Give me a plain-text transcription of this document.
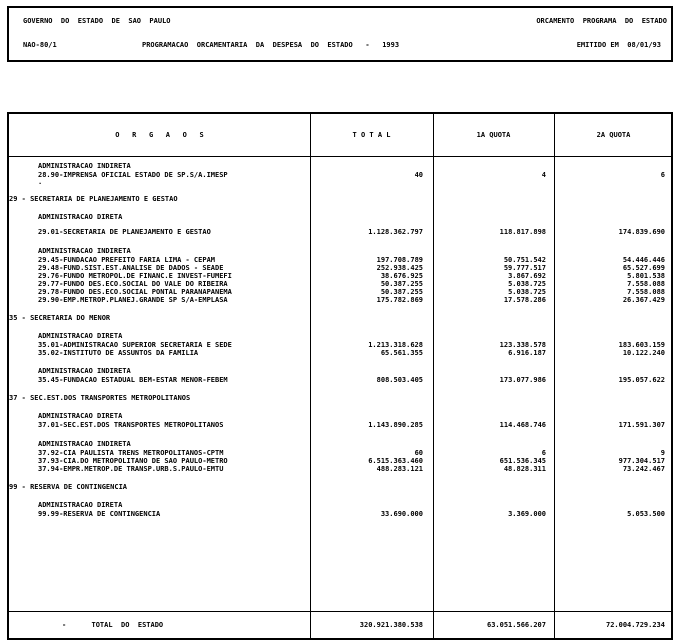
GOVERNO  DO  ESTADO  DE  SAO  PAULO	ORCAMENTO  PROGRAMA  DO  ESTADO
NAO-80/1	PROGRAMACAO  ORCAMENTARIA  DA  DESPESA  DO  ESTADO   -   1993	EMITIDO EM  08/01/93
O   R   G   A   O   S	T O T A L	1A QUOTA	2A QUOTA
ADMINISTRACAO INDIRETA
28.90-IMPRENSA OFICIAL ESTADO DE SP.S/A.IMESP	40	4	6
.
29 - SECRETARIA DE PLANEJAMENTO E GESTAO
ADMINISTRACAO DIRETA
29.01-SECRETARIA DE PLANEJAMENTO E GESTAO	1.128.362.797	118.817.898	174.839.690
ADMINISTRACAO INDIRETA
29.45-FUNDACAO PREFEITO FARIA LIMA - CEPAM	197.708.789	50.751.542	54.446.446
29.48-FUND.SIST.EST.ANALISE DE DADOS - SEADE	252.938.425	59.777.517	65.527.699
29.76-FUNDO METROPOL.DE FINANC.E INVEST-FUMEFI	38.676.925	3.867.692	5.801.538
29.77-FUNDO DES.ECO.SOCIAL DO VALE DO RIBEIRA	50.387.255	5.038.725	7.558.088
29.78-FUNDO DES.ECO.SOCIAL PONTAL PARANAPANEMA	50.387.255	5.038.725	7.558.088
29.90-EMP.METROP.PLANEJ.GRANDE SP S/A-EMPLASA	175.782.869	17.578.286	26.367.429
35 - SECRETARIA DO MENOR
ADMINISTRACAO DIRETA
35.01-ADMINISTRACAO SUPERIOR SECRETARIA E SEDE	1.213.318.628	123.338.578	183.603.159
35.02-INSTITUTO DE ASSUNTOS DA FAMILIA	65.561.355	6.916.187	10.122.240
ADMINISTRACAO INDIRETA
35.45-FUNDACAO ESTADUAL BEM-ESTAR MENOR-FEBEM	808.503.405	173.077.986	195.057.622
37 - SEC.EST.DOS TRANSPORTES METROPOLITANOS
ADMINISTRACAO DIRETA
37.01-SEC.EST.DOS TRANSPORTES METROPOLITANOS	1.143.890.285	114.468.746	171.591.307
ADMINISTRACAO INDIRETA
37.92-CIA PAULISTA TRENS METROPOLITANOS-CPTM	60	6	9
37.93-CIA.DO METROPOLITANO DE SAO PAULO-METRO	6.515.363.460	651.536.345	977.304.517
37.94-EMPR.METROP.DE TRANSP.URB.S.PAULO-EMTU	488.283.121	48.828.311	73.242.467
99 - RESERVA DE CONTINGENCIA
ADMINISTRACAO DIRETA
99.99-RESERVA DE CONTINGENCIA	33.690.000	3.369.000	5.053.500
-      TOTAL  DO  ESTADO	320.921.380.538	63.051.566.207	72.004.729.234
